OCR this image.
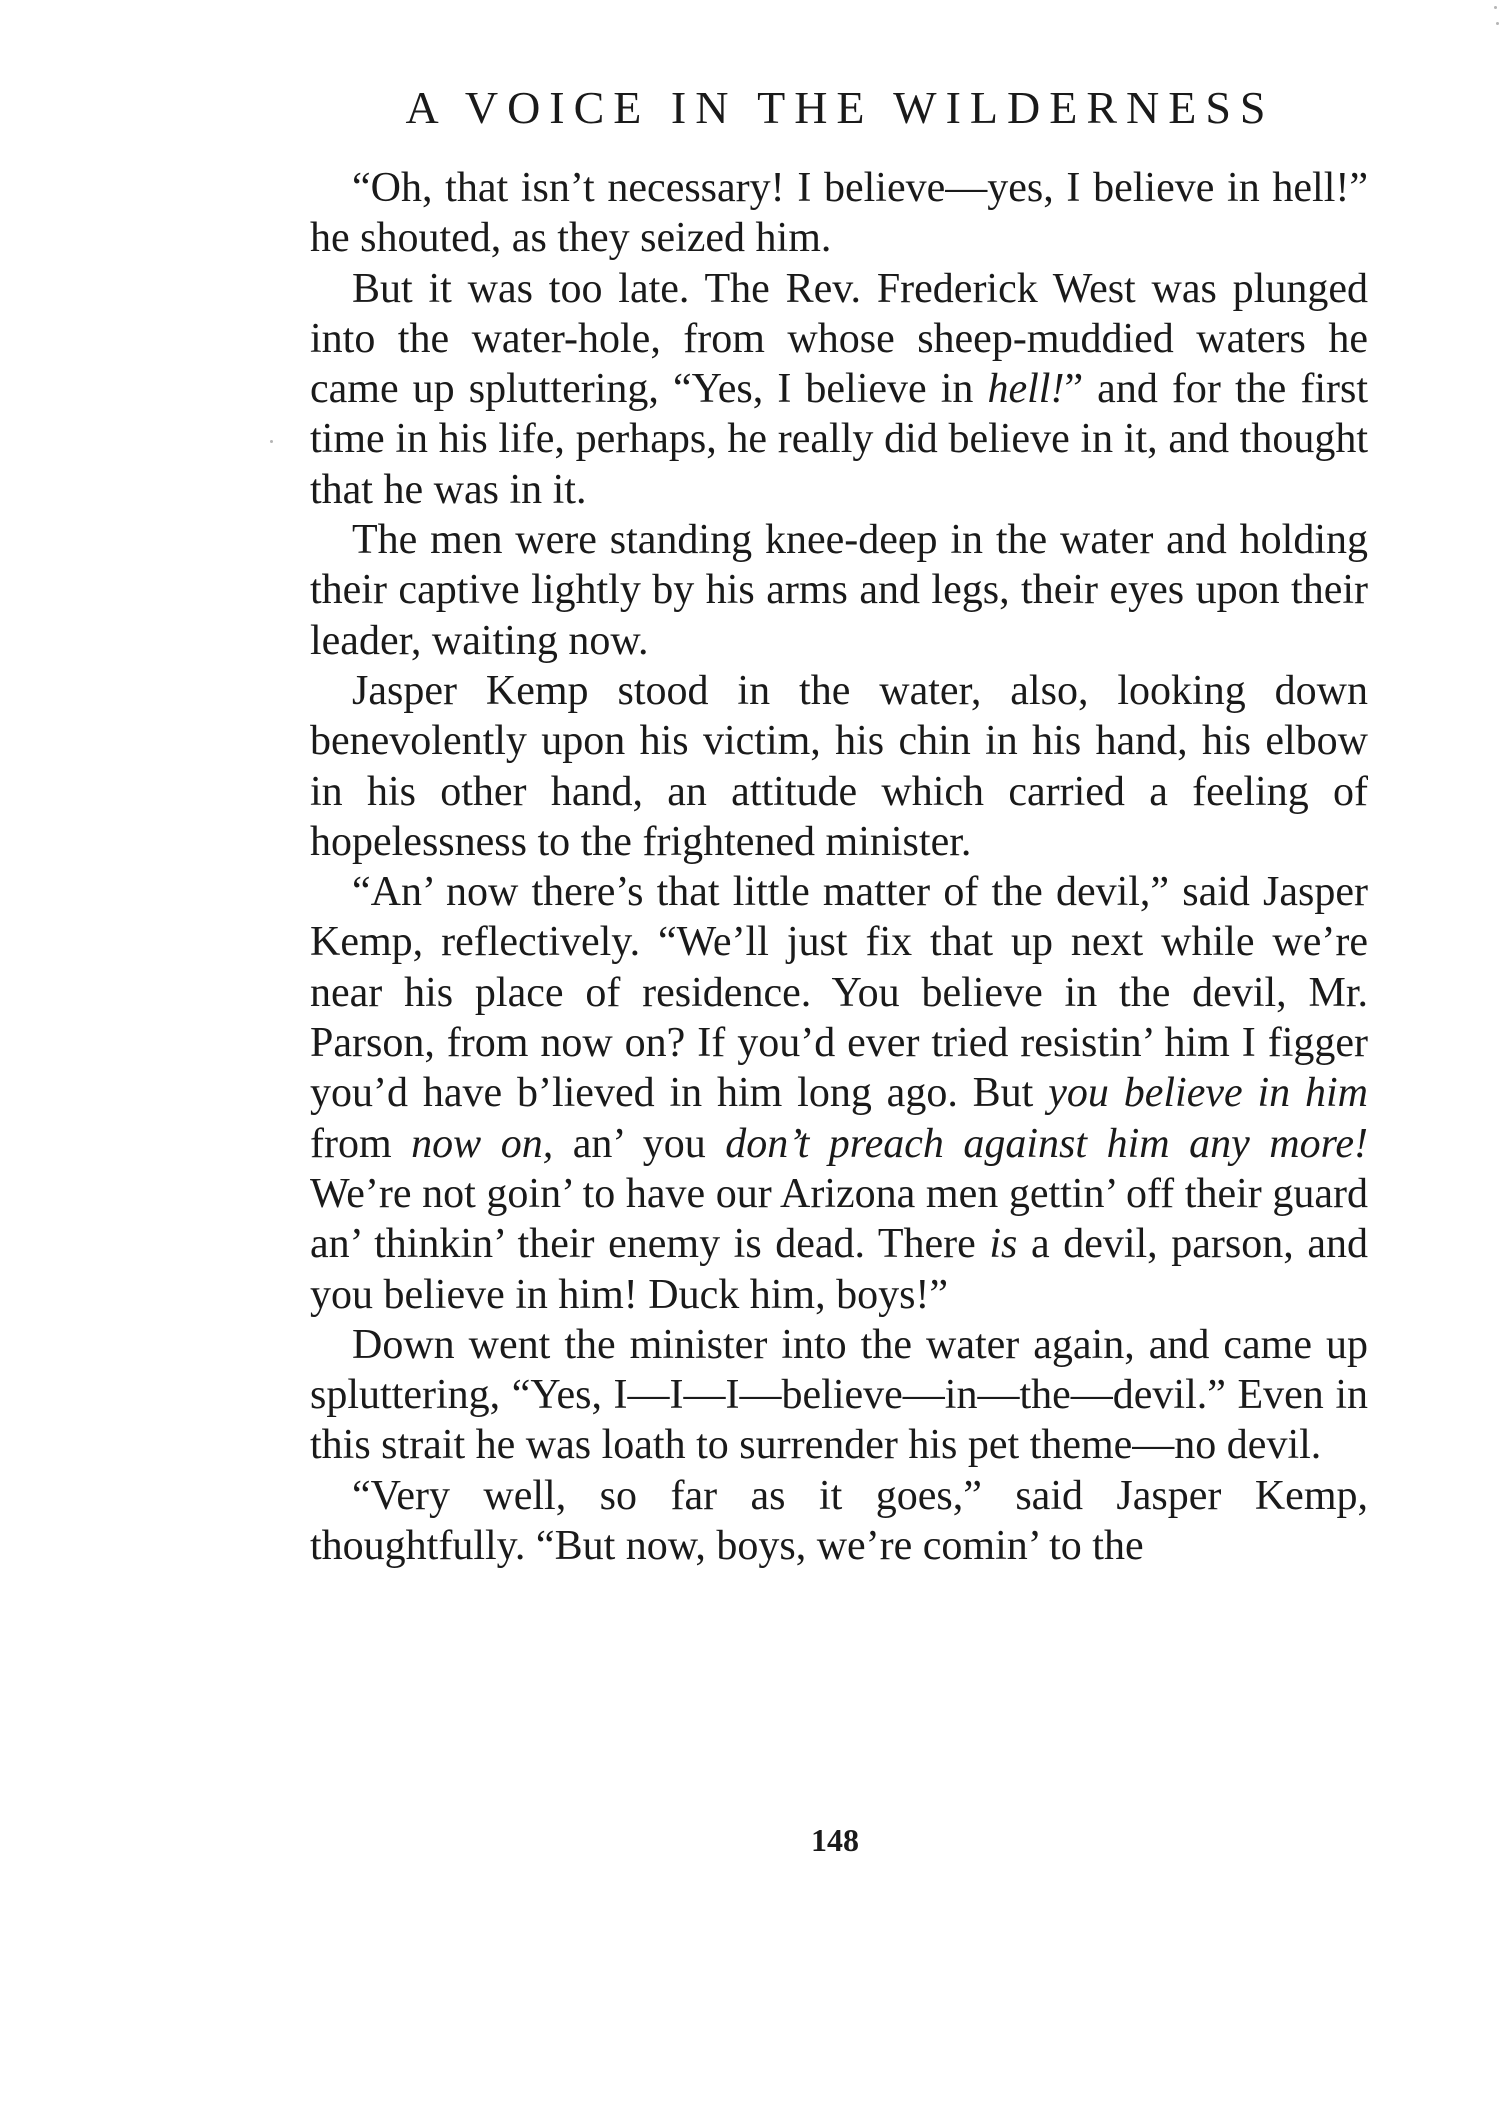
A VOICE IN THE WILDERNESS

“Oh, that isn’t necessary! I believe—yes, I believe in hell!” he shouted, as they seized him.

But it was too late. The Rev. Frederick West was plunged into the water-hole, from whose sheep-muddied waters he came up spluttering, “Yes, I believe in hell!” and for the first time in his life, perhaps, he really did believe in it, and thought that he was in it.

The men were standing knee-deep in the water and holding their captive lightly by his arms and legs, their eyes upon their leader, waiting now.

Jasper Kemp stood in the water, also, looking down benevolently upon his victim, his chin in his hand, his elbow in his other hand, an attitude which carried a feeling of hopelessness to the frightened minister.

“An’ now there’s that little matter of the devil,” said Jasper Kemp, reflectively. “We’ll just fix that up next while we’re near his place of residence. You believe in the devil, Mr. Parson, from now on? If you’d ever tried resistin’ him I figger you’d have b’lieved in him long ago. But you believe in him from now on, an’ you don’t preach against him any more! We’re not goin’ to have our Arizona men gettin’ off their guard an’ thinkin’ their enemy is dead. There is a devil, parson, and you believe in him! Duck him, boys!”

Down went the minister into the water again, and came up spluttering, “Yes, I—I—I—believe—in—the—devil.” Even in this strait he was loath to surrender his pet theme—no devil.

“Very well, so far as it goes,” said Jasper Kemp, thoughtfully. “But now, boys, we’re comin’ to the

148
